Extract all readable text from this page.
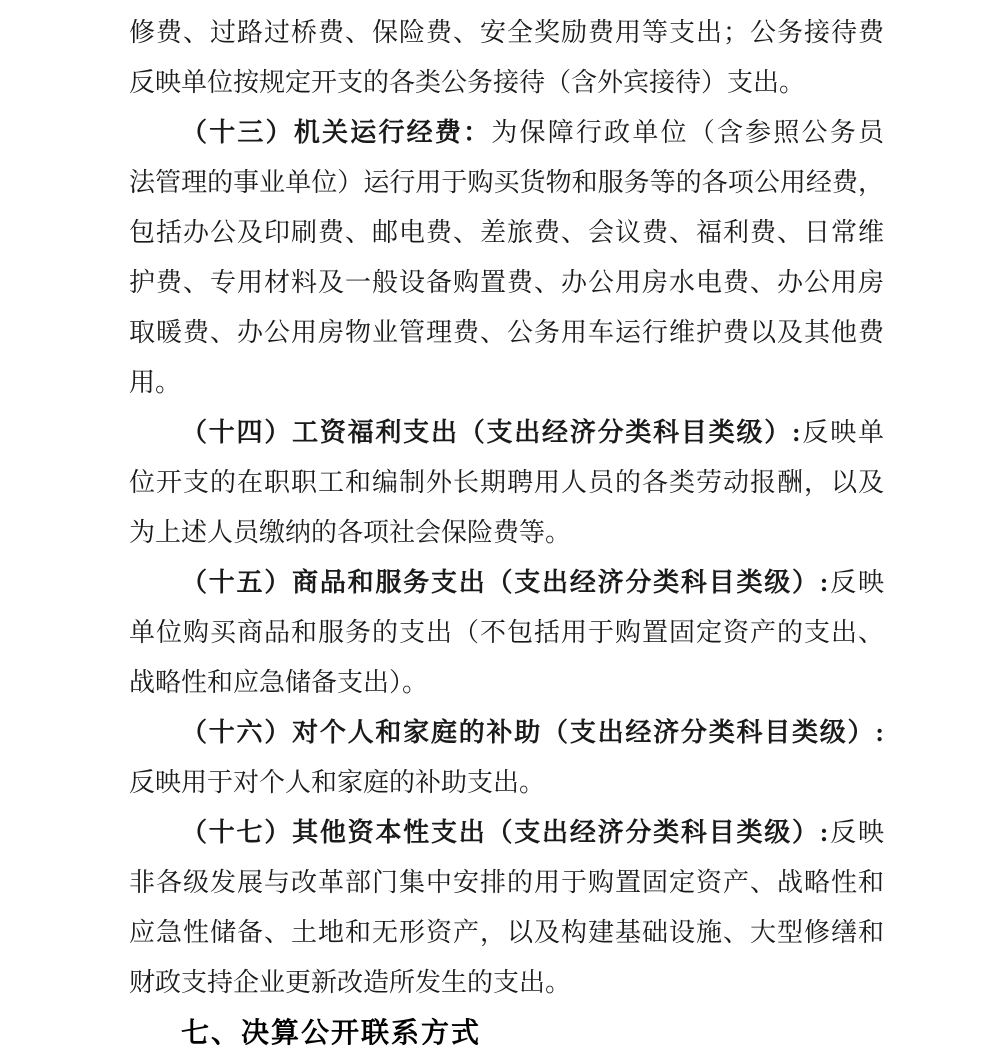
修费、过路过桥费、保险费、安全奖励费用等支出；公务接待费
反映单位按规定开支的各类公务接待（含外宾接待）支出。
（十三）机关运行经费：为保障行政单位（含参照公务员
法管理的事业单位）运行用于购买货物和服务等的各项公用经费，
包括办公及印刷费、邮电费、差旅费、会议费、福利费、日常维
护费、专用材料及一般设备购置费、办公用房水电费、办公用房
取暖费、办公用房物业管理费、公务用车运行维护费以及其他费
用。
（十四）工资福利支出（支出经济分类科目类级）:反映单
位开支的在职职工和编制外长期聘用人员的各类劳动报酬，以及
为上述人员缴纳的各项社会保险费等。
（十五）商品和服务支出（支出经济分类科目类级）:反映
单位购买商品和服务的支出（不包括用于购置固定资产的支出、
战略性和应急储备支出）。
（十六）对个人和家庭的补助（支出经济分类科目类级）:
反映用于对个人和家庭的补助支出。
（十七）其他资本性支出（支出经济分类科目类级）:反映
非各级发展与改革部门集中安排的用于购置固定资产、战略性和
应急性储备、土地和无形资产，以及构建基础设施、大型修缮和
财政支持企业更新改造所发生的支出。
七、决算公开联系方式
